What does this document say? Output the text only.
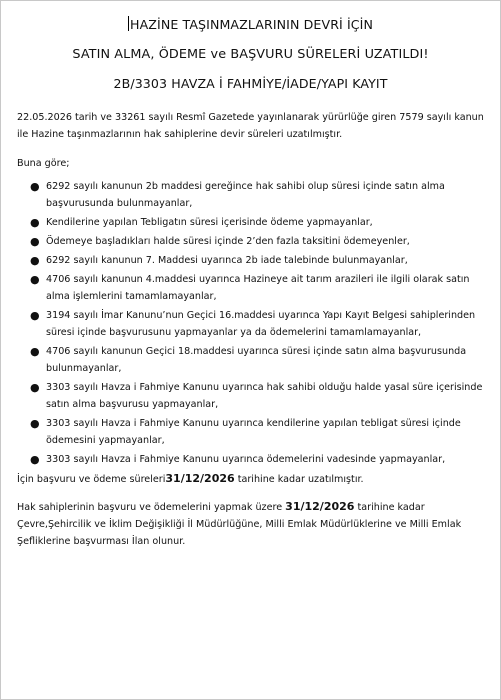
HAZİNE TAŞINMAZLARININ DEVRİ İÇİN
SATIN ALMA, ÖDEME ve BAŞVURU SÜRELERİ UZATILDI!
2B/3303 HAVZA İ FAHMİYE/İADE/YAPI KAYIT

22.05.2026 tarih ve 33261 sayılı Resmî Gazetede yayınlanarak yürürlüğe giren 7579 sayılı kanun ile Hazine taşınmazlarının hak sahiplerine devir süreleri uzatılmıştır.

Buna göre;

● 6292 sayılı kanunun 2b maddesi gereğince hak sahibi olup süresi içinde satın alma başvurusunda bulunmayanlar,
● Kendilerine yapılan Tebligatın süresi içerisinde ödeme yapmayanlar,
● Ödemeye başladıkları halde süresi içinde 2’den fazla taksitini ödemeyenler,
● 6292 sayılı kanunun 7. Maddesi uyarınca 2b iade talebinde bulunmayanlar,
● 4706 sayılı kanunun 4.maddesi uyarınca Hazineye ait tarım arazileri ile ilgili olarak satın alma işlemlerini tamamlamayanlar,
● 3194 sayılı İmar Kanunu’nun Geçici 16.maddesi uyarınca Yapı Kayıt Belgesi sahiplerinden süresi içinde başvurusunu yapmayanlar ya da ödemelerini tamamlamayanlar,
● 4706 sayılı kanunun Geçici 18.maddesi uyarınca süresi içinde satın alma başvurusunda bulunmayanlar,
● 3303 sayılı Havza i Fahmiye Kanunu uyarınca hak sahibi olduğu halde yasal süre içerisinde satın alma başvurusu yapmayanlar,
● 3303 sayılı Havza i Fahmiye Kanunu uyarınca kendilerine yapılan tebligat süresi içinde ödemesini yapmayanlar,
● 3303 sayılı Havza i Fahmiye Kanunu uyarınca ödemelerini vadesinde yapmayanlar,

İçin başvuru ve ödeme süreleri31/12/2026 tarihine kadar uzatılmıştır.

Hak sahiplerinin başvuru ve ödemelerini yapmak üzere 31/12/2026 tarihine kadar Çevre,Şehircilik ve İklim Değişikliği İl Müdürlüğüne, Milli Emlak Müdürlüklerine ve Milli Emlak Şefliklerine başvurması İlan olunur.
